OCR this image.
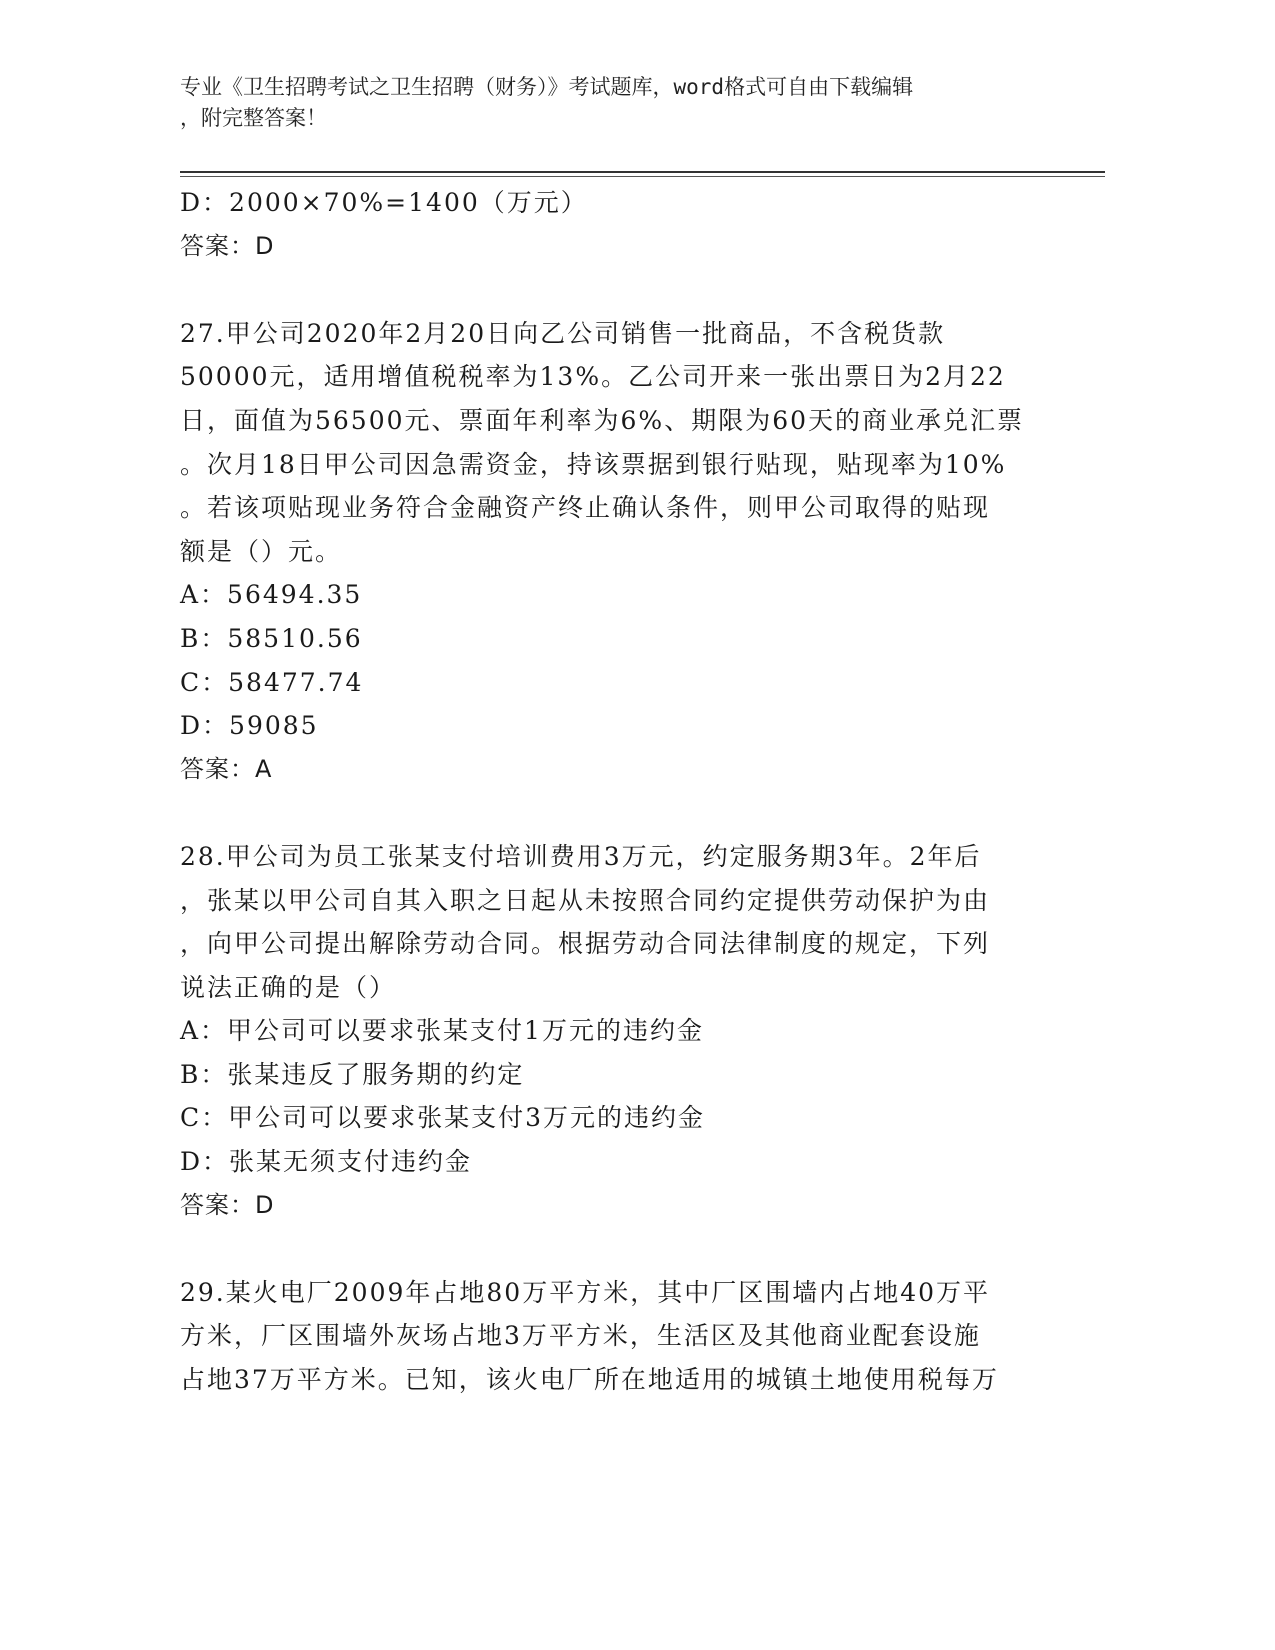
专业《卫生招聘考试之卫生招聘（财务）》考试题库，word格式可自由下载编辑
，附完整答案！
D：2000×70%=1400（万元）
答案：D
27.甲公司2020年2月20日向乙公司销售一批商品，不含税货款
50000元，适用增值税税率为13%。乙公司开来一张出票日为2月22
日，面值为56500元、票面年利率为6%、期限为60天的商业承兑汇票
。次月18日甲公司因急需资金，持该票据到银行贴现，贴现率为10%
。若该项贴现业务符合金融资产终止确认条件，则甲公司取得的贴现
额是（）元。
A：56494.35
B：58510.56
C：58477.74
D：59085
答案：A
28.甲公司为员工张某支付培训费用3万元，约定服务期3年。2年后
，张某以甲公司自其入职之日起从未按照合同约定提供劳动保护为由
，向甲公司提出解除劳动合同。根据劳动合同法律制度的规定，下列
说法正确的是（）
A：甲公司可以要求张某支付1万元的违约金
B：张某违反了服务期的约定
C：甲公司可以要求张某支付3万元的违约金
D：张某无须支付违约金
答案：D
29.某火电厂2009年占地80万平方米，其中厂区围墙内占地40万平
方米，厂区围墙外灰场占地3万平方米，生活区及其他商业配套设施
占地37万平方米。已知，该火电厂所在地适用的城镇土地使用税每万
